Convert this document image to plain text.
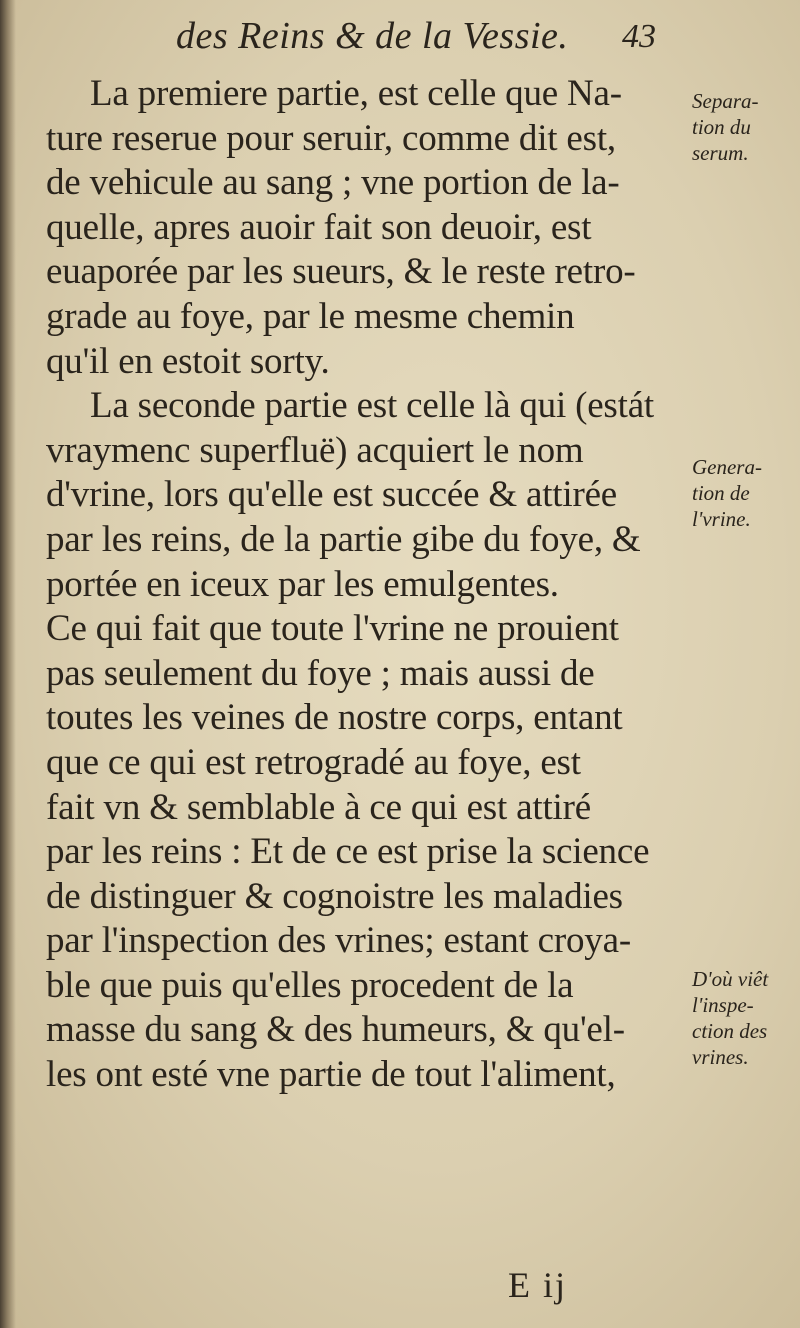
des Reins & de la Vessie. 43
La premiere partie, est celle que Na-
ture reserue pour seruir, comme dit est,
de vehicule au sang ; vne portion de la-
quelle, apres auoir fait son deuoir, est
euaporée par les sueurs, & le reste retro-
grade au foye, par le mesme chemin
qu'il en estoit sorty.
La seconde partie est celle là qui (estát
vraymenc superfluë) acquiert le nom
d'vrine, lors qu'elle est succée & attirée
par les reins, de la partie gibe du foye, &
portée en iceux par les emulgentes.
Ce qui fait que toute l'vrine ne prouient
pas seulement du foye ; mais aussi de
toutes les veines de nostre corps, entant
que ce qui est retrogradé au foye, est
fait vn & semblable à ce qui est attiré
par les reins : Et de ce est prise la science
de distinguer & cognoistre les maladies
par l'inspection des vrines; estant croya-
ble que puis qu'elles procedent de la
masse du sang & des humeurs, & qu'el-
les ont esté vne partie de tout l'aliment,
Separa-
tion du
serum.
Genera-
tion de
l'vrine.
D'où viêt
l'inspe-
ction des
vrines.
E ij
